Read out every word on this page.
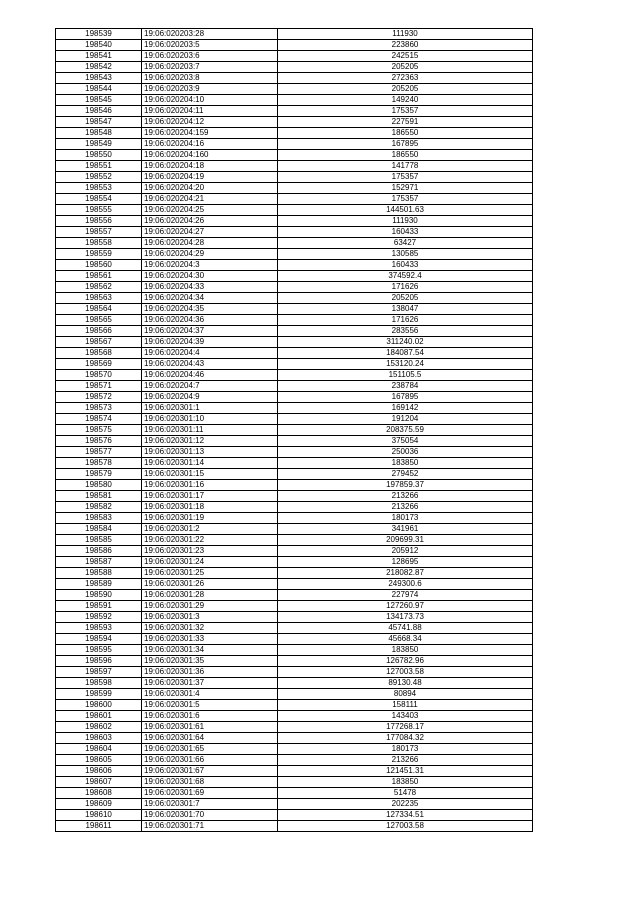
198539	19:06:020203:28	111930
198540	19:06:020203:5	223860
198541	19:06:020203:6	242515
198542	19:06:020203:7	205205
198543	19:06:020203:8	272363
198544	19:06:020203:9	205205
198545	19:06:020204:10	149240
198546	19:06:020204:11	175357
198547	19:06:020204:12	227591
198548	19:06:020204:159	186550
198549	19:06:020204:16	167895
198550	19:06:020204:160	186550
198551	19:06:020204:18	141778
198552	19:06:020204:19	175357
198553	19:06:020204:20	152971
198554	19:06:020204:21	175357
198555	19:06:020204:25	144501.63
198556	19:06:020204:26	111930
198557	19:06:020204:27	160433
198558	19:06:020204:28	63427
198559	19:06:020204:29	130585
198560	19:06:020204:3	160433
198561	19:06:020204:30	374592.4
198562	19:06:020204:33	171626
198563	19:06:020204:34	205205
198564	19:06:020204:35	138047
198565	19:06:020204:36	171626
198566	19:06:020204:37	283556
198567	19:06:020204:39	311240.02
198568	19:06:020204:4	184087.54
198569	19:06:020204:43	153120.24
198570	19:06:020204:46	151105.5
198571	19:06:020204:7	238784
198572	19:06:020204:9	167895
198573	19:06:020301:1	169142
198574	19:06:020301:10	191204
198575	19:06:020301:11	208375.59
198576	19:06:020301:12	375054
198577	19:06:020301:13	250036
198578	19:06:020301:14	183850
198579	19:06:020301:15	279452
198580	19:06:020301:16	197859.37
198581	19:06:020301:17	213266
198582	19:06:020301:18	213266
198583	19:06:020301:19	180173
198584	19:06:020301:2	341961
198585	19:06:020301:22	209699.31
198586	19:06:020301:23	205912
198587	19:06:020301:24	128695
198588	19:06:020301:25	218082.87
198589	19:06:020301:26	249300.6
198590	19:06:020301:28	227974
198591	19:06:020301:29	127260.97
198592	19:06:020301:3	134173.73
198593	19:06:020301:32	45741.88
198594	19:06:020301:33	45668.34
198595	19:06:020301:34	183850
198596	19:06:020301:35	126782.96
198597	19:06:020301:36	127003.58
198598	19:06:020301:37	89130.48
198599	19:06:020301:4	80894
198600	19:06:020301:5	158111
198601	19:06:020301:6	143403
198602	19:06:020301:61	177268.17
198603	19:06:020301:64	177084.32
198604	19:06:020301:65	180173
198605	19:06:020301:66	213266
198606	19:06:020301:67	121451.31
198607	19:06:020301:68	183850
198608	19:06:020301:69	51478
198609	19:06:020301:7	202235
198610	19:06:020301:70	127334.51
198611	19:06:020301:71	127003.58
